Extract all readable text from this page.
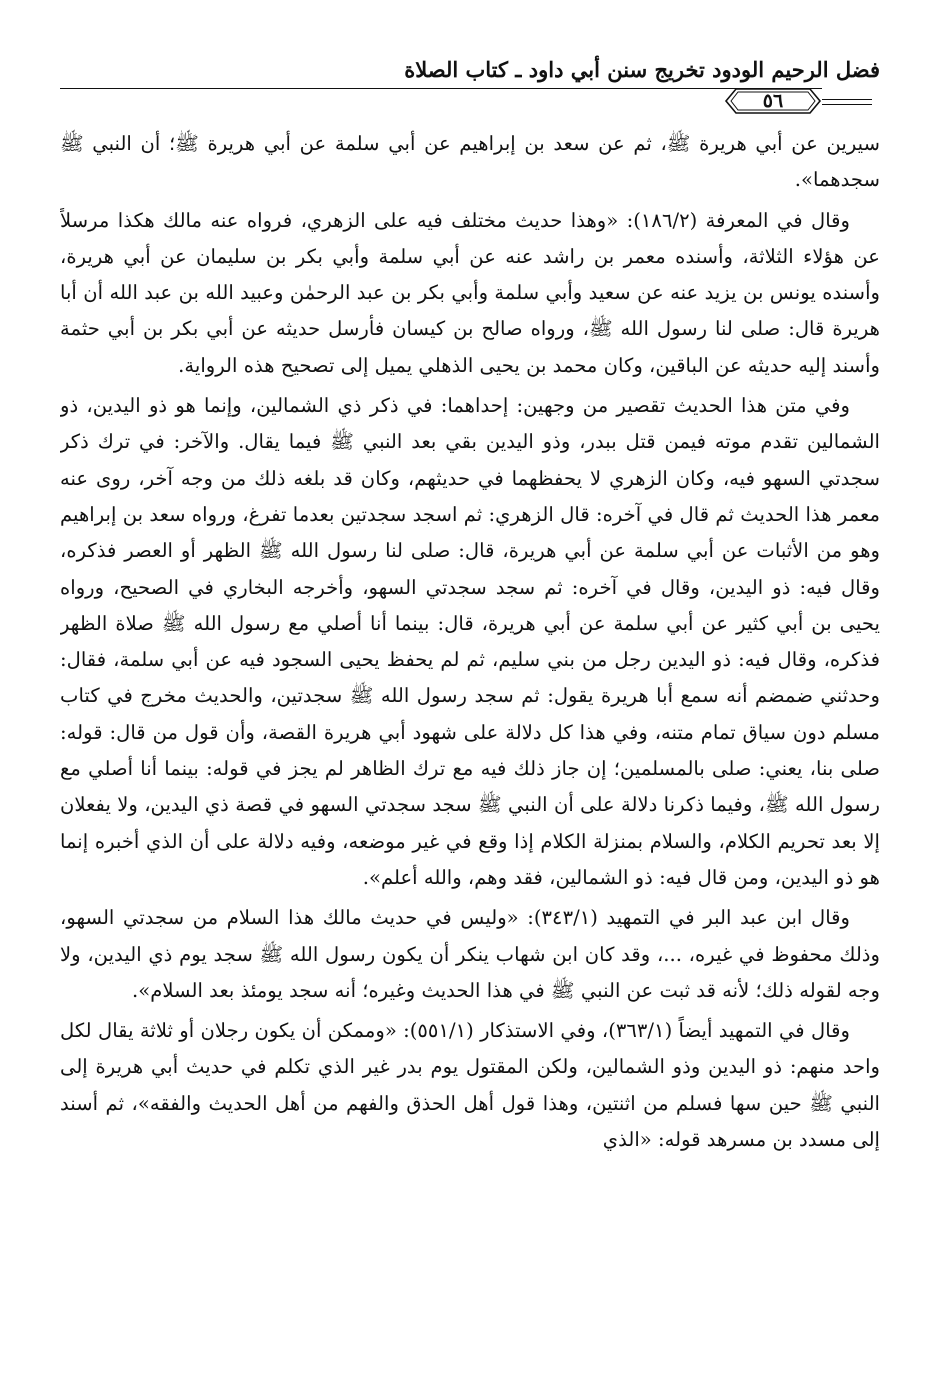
فضل الرحيم الودود تخريج سنن أبي داود ـ كتاب الصلاة
٥٦

سيرين عن أبي هريرة ﷺ، ثم عن سعد بن إبراهيم عن أبي سلمة عن أبي هريرة ﷺ؛ أن النبي ﷺ سجدهما».

وقال في المعرفة (١٨٦/٢): «وهذا حديث مختلف فيه على الزهري، فرواه عنه مالك هكذا مرسلاً عن هؤلاء الثلاثة، وأسنده معمر بن راشد عنه عن أبي سلمة وأبي بكر بن سليمان عن أبي هريرة، وأسنده يونس بن يزيد عنه عن سعيد وأبي سلمة وأبي بكر بن عبد الرحمٰن وعبيد الله بن عبد الله أن أبا هريرة قال: صلى لنا رسول الله ﷺ، ورواه صالح بن كيسان فأرسل حديثه عن أبي بكر بن أبي حثمة وأسند إليه حديثه عن الباقين، وكان محمد بن يحيى الذهلي يميل إلى تصحيح هذه الرواية.

وفي متن هذا الحديث تقصير من وجهين: إحداهما: في ذكر ذي الشمالين، وإنما هو ذو اليدين، ذو الشمالين تقدم موته فيمن قتل ببدر، وذو اليدين بقي بعد النبي ﷺ فيما يقال. والآخر: في ترك ذكر سجدتي السهو فيه، وكان الزهري لا يحفظهما في حديثهم، وكان قد بلغه ذلك من وجه آخر، روى عنه معمر هذا الحديث ثم قال في آخره: قال الزهري: ثم اسجد سجدتين بعدما تفرغ، ورواه سعد بن إبراهيم وهو من الأثبات عن أبي سلمة عن أبي هريرة، قال: صلى لنا رسول الله ﷺ الظهر أو العصر فذكره، وقال فيه: ذو اليدين، وقال في آخره: ثم سجد سجدتي السهو، وأخرجه البخاري في الصحيح، ورواه يحيى بن أبي كثير عن أبي سلمة عن أبي هريرة، قال: بينما أنا أصلي مع رسول الله ﷺ صلاة الظهر فذكره، وقال فيه: ذو اليدين رجل من بني سليم، ثم لم يحفظ يحيى السجود فيه عن أبي سلمة، فقال: وحدثني ضمضم أنه سمع أبا هريرة يقول: ثم سجد رسول الله ﷺ سجدتين، والحديث مخرج في كتاب مسلم دون سياق تمام متنه، وفي هذا كل دلالة على شهود أبي هريرة القصة، وأن قول من قال: قوله: صلى بنا، يعني: صلى بالمسلمين؛ إن جاز ذلك فيه مع ترك الظاهر لم يجز في قوله: بينما أنا أصلي مع رسول الله ﷺ، وفيما ذكرنا دلالة على أن النبي ﷺ سجد سجدتي السهو في قصة ذي اليدين، ولا يفعلان إلا بعد تحريم الكلام، والسلام بمنزلة الكلام إذا وقع في غير موضعه، وفيه دلالة على أن الذي أخبره إنما هو ذو اليدين، ومن قال فيه: ذو الشمالين، فقد وهم، والله أعلم».

وقال ابن عبد البر في التمهيد (٣٤٣/١): «وليس في حديث مالك هذا السلام من سجدتي السهو، وذلك محفوظ في غيره، ...، وقد كان ابن شهاب ينكر أن يكون رسول الله ﷺ سجد يوم ذي اليدين، ولا وجه لقوله ذلك؛ لأنه قد ثبت عن النبي ﷺ في هذا الحديث وغيره؛ أنه سجد يومئذ بعد السلام».

وقال في التمهيد أيضاً (٣٦٣/١)، وفي الاستذكار (٥٥١/١): «وممكن أن يكون رجلان أو ثلاثة يقال لكل واحد منهم: ذو اليدين وذو الشمالين، ولكن المقتول يوم بدر غير الذي تكلم في حديث أبي هريرة إلى النبي ﷺ حين سها فسلم من اثنتين، وهذا قول أهل الحذق والفهم من أهل الحديث والفقه»، ثم أسند إلى مسدد بن مسرهد قوله: «الذي
